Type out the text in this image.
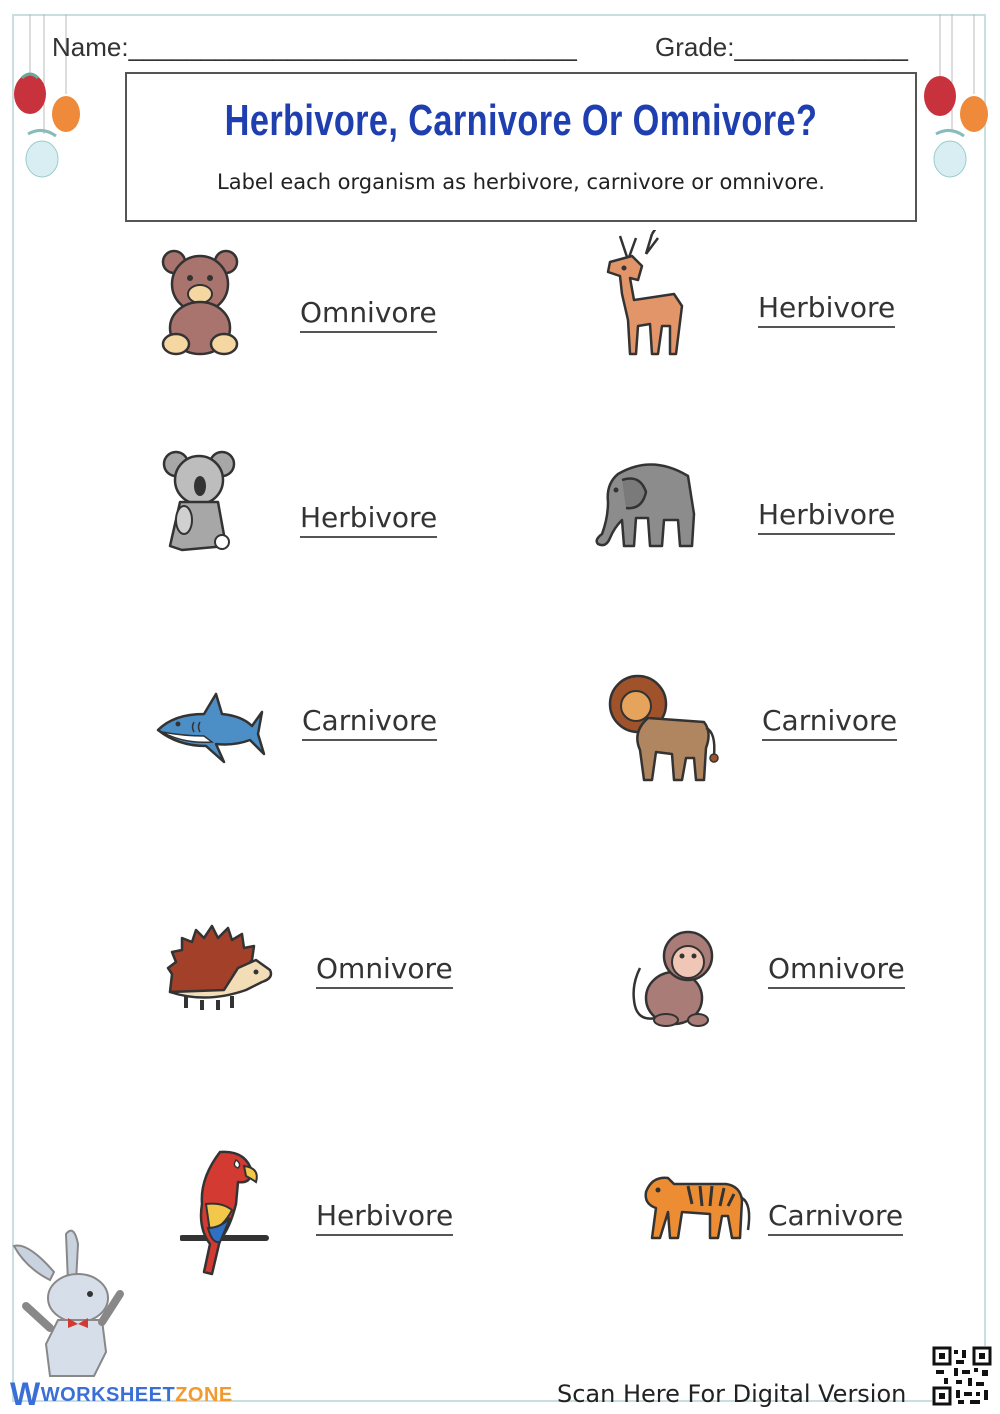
Name:_______________________________	Grade:____________
Herbivore, Carnivore Or Omnivore?
Label each organism as herbivore, carnivore or omnivore.
Omnivore	Herbivore
Herbivore	Herbivore
Carnivore	Carnivore
Omnivore	Omnivore
Herbivore	Carnivore
WWORKSHEETZONE	Scan Here For Digital Version
